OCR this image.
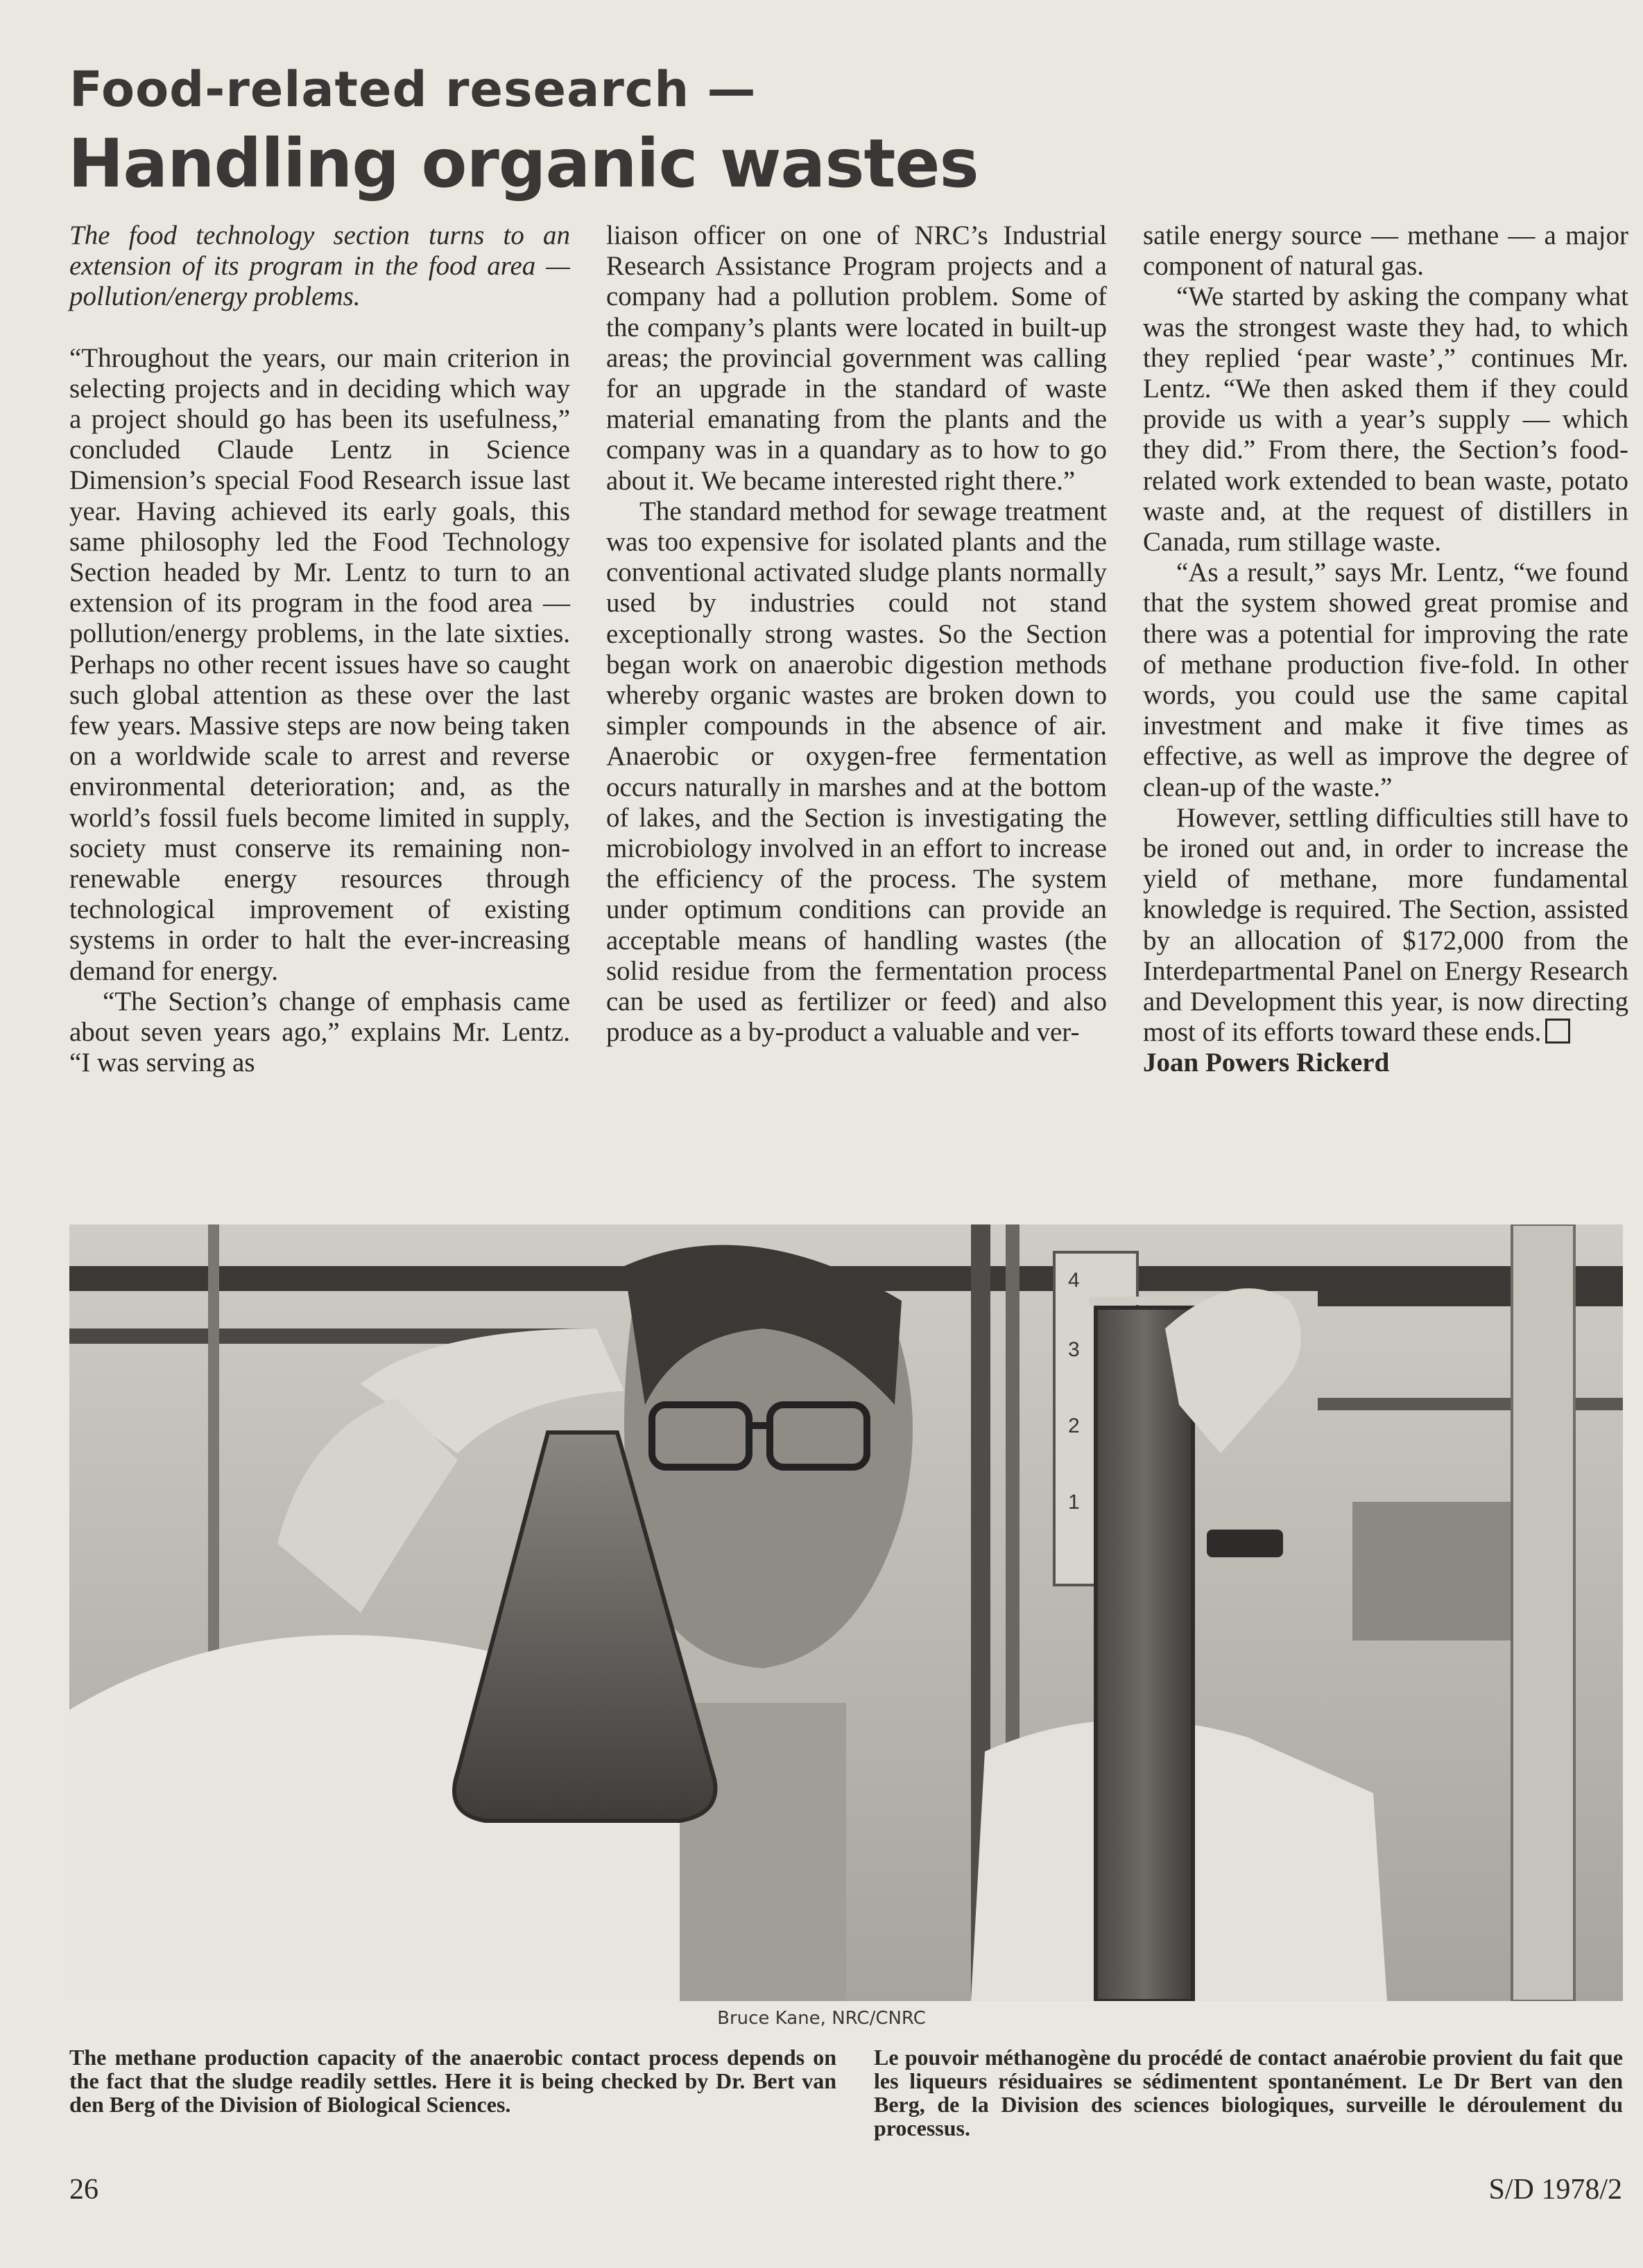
Food-related research —
Handling organic wastes

The food technology section turns to an extension of its program in the food area — pollution/energy problems.

“Throughout the years, our main criterion in selecting projects and in deciding which way a project should go has been its usefulness,” concluded Claude Lentz in Science Dimension’s special Food Research issue last year. Having achieved its early goals, this same philosophy led the Food Technology Section headed by Mr. Lentz to turn to an extension of its program in the food area — pollution/energy problems, in the late sixties. Perhaps no other recent issues have so caught such global attention as these over the last few years. Massive steps are now being taken on a worldwide scale to arrest and reverse environmental deterioration; and, as the world’s fossil fuels become limited in supply, society must conserve its remaining non-renewable energy resources through technological improvement of existing systems in order to halt the ever-increasing demand for energy.

“The Section’s change of emphasis came about seven years ago,” explains Mr. Lentz. “I was serving as

liaison officer on one of NRC’s Industrial Research Assistance Program projects and a company had a pollution problem. Some of the company’s plants were located in built-up areas; the provincial government was calling for an upgrade in the standard of waste material emanating from the plants and the company was in a quandary as to how to go about it. We became interested right there.”

The standard method for sewage treatment was too expensive for isolated plants and the conventional activated sludge plants normally used by industries could not stand exceptionally strong wastes. So the Section began work on anaerobic digestion methods whereby organic wastes are broken down to simpler compounds in the absence of air. Anaerobic or oxygen-free fermentation occurs naturally in marshes and at the bottom of lakes, and the Section is investigating the microbiology involved in an effort to increase the efficiency of the process. The system under optimum conditions can provide an acceptable means of handling wastes (the solid residue from the fermentation process can be used as fertilizer or feed) and also produce as a by-product a valuable and ver-

satile energy source — methane — a major component of natural gas.

“We started by asking the company what was the strongest waste they had, to which they replied ‘pear waste’,” continues Mr. Lentz. “We then asked them if they could provide us with a year’s supply — which they did.” From there, the Section’s food-related work extended to bean waste, potato waste and, at the request of distillers in Canada, rum stillage waste.

“As a result,” says Mr. Lentz, “we found that the system showed great promise and there was a potential for improving the rate of methane production five-fold. In other words, you could use the same capital investment and make it five times as effective, as well as improve the degree of clean-up of the waste.”

However, settling difficulties still have to be ironed out and, in order to increase the yield of methane, more fundamental knowledge is required. The Section, assisted by an allocation of $172,000 from the Interdepartmental Panel on Energy Research and Development this year, is now directing most of its efforts toward these ends.

Joan Powers Rickerd

4
3
2
1
Bruce Kane, NRC/CNRC

The methane production capacity of the anaerobic contact process depends on the fact that the sludge readily settles. Here it is being checked by Dr. Bert van den Berg of the Division of Biological Sciences.

Le pouvoir méthanogène du procédé de contact anaérobie provient du fait que les liqueurs résiduaires se sédimentent spontanément. Le Dr Bert van den Berg, de la Division des sciences biologiques, surveille le déroulement du processus.

26	S/D 1978/2
